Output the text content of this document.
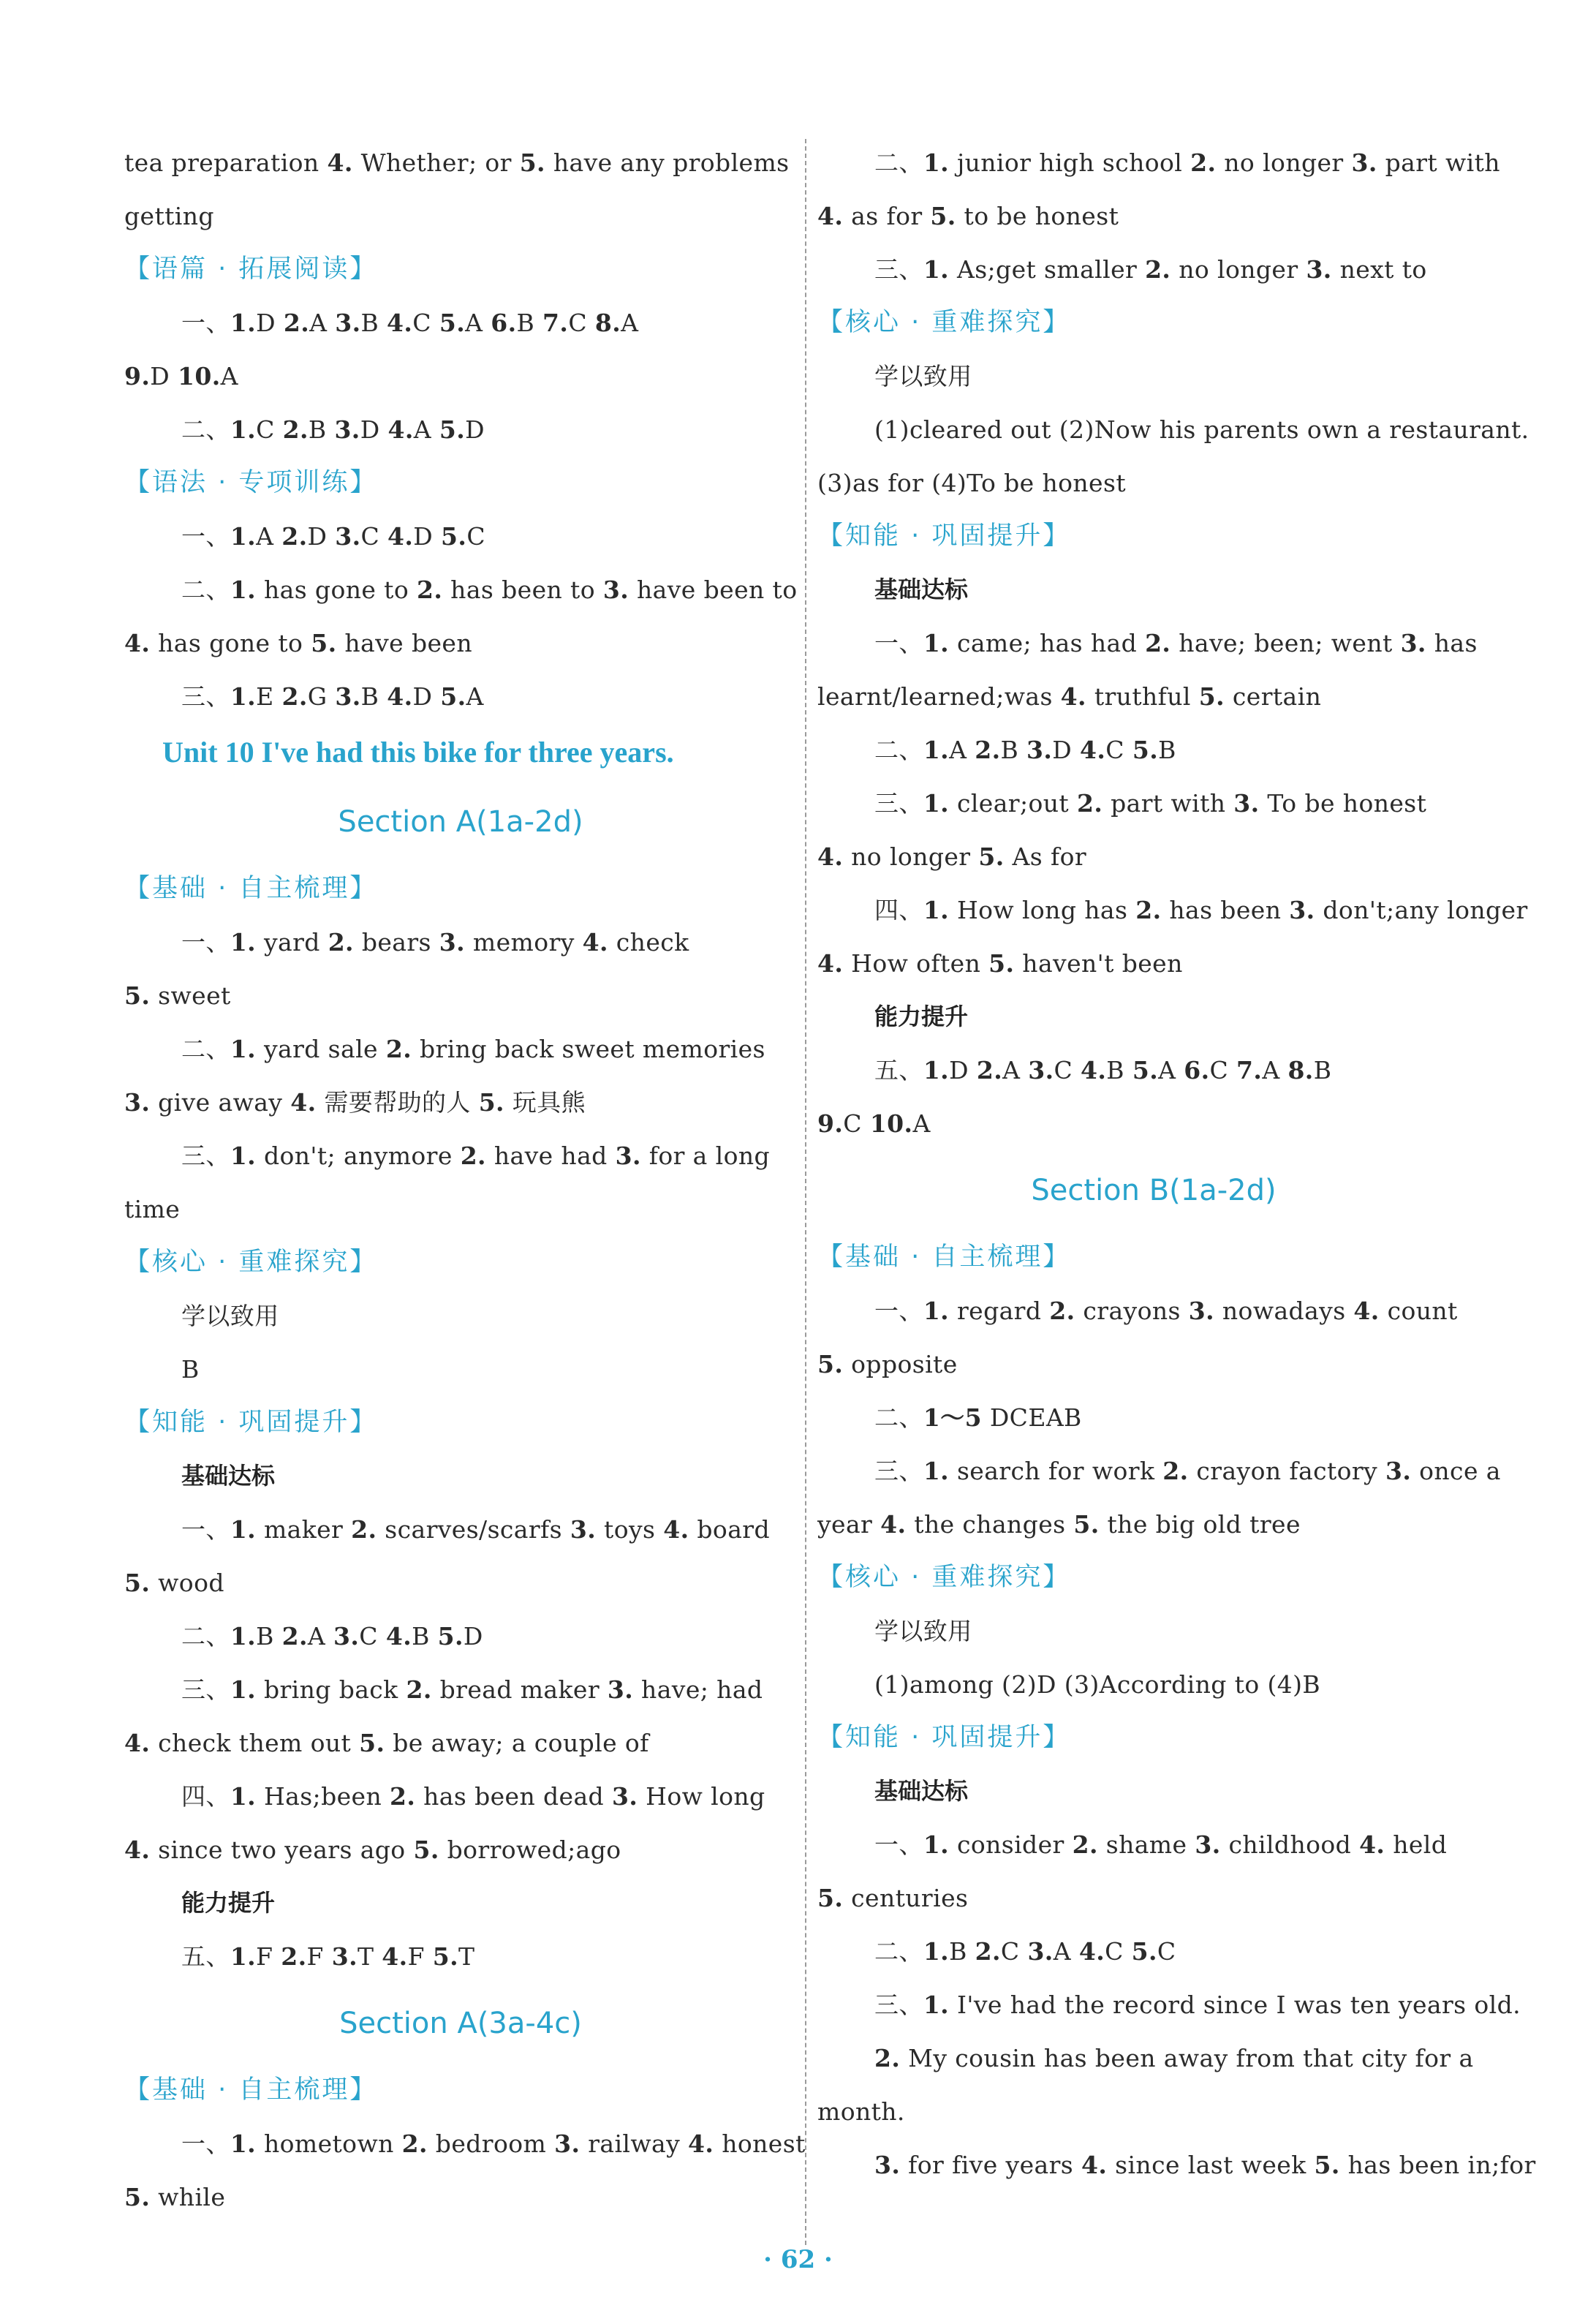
tea preparation 4. Whether; or 5. have any problems
getting
【语篇 · 拓展阅读】
一、1.D 2.A 3.B 4.C 5.A 6.B 7.C 8.A
9.D 10.A
二、1.C 2.B 3.D 4.A 5.D
【语法 · 专项训练】
一、1.A 2.D 3.C 4.D 5.C
二、1. has gone to 2. has been to 3. have been to
4. has gone to 5. have been
三、1.E 2.G 3.B 4.D 5.A
Unit 10 I've had this bike for three years.
Section A(1a-2d)
【基础 · 自主梳理】
一、1. yard 2. bears 3. memory 4. check
5. sweet
二、1. yard sale 2. bring back sweet memories
3. give away 4. 需要帮助的人 5. 玩具熊
三、1. don't; anymore 2. have had 3. for a long
time
【核心 · 重难探究】
学以致用
B
【知能 · 巩固提升】
基础达标
一、1. maker 2. scarves/scarfs 3. toys 4. board
5. wood
二、1.B 2.A 3.C 4.B 5.D
三、1. bring back 2. bread maker 3. have; had
4. check them out 5. be away; a couple of
四、1. Has;been 2. has been dead 3. How long
4. since two years ago 5. borrowed;ago
能力提升
五、1.F 2.F 3.T 4.F 5.T
Section A(3a-4c)
【基础 · 自主梳理】
一、1. hometown 2. bedroom 3. railway 4. honest
5. while
二、1. junior high school 2. no longer 3. part with
4. as for 5. to be honest
三、1. As;get smaller 2. no longer 3. next to
【核心 · 重难探究】
学以致用
(1)cleared out (2)Now his parents own a restaurant.
(3)as for (4)To be honest
【知能 · 巩固提升】
基础达标
一、1. came; has had 2. have; been; went 3. has
learnt/learned;was 4. truthful 5. certain
二、1.A 2.B 3.D 4.C 5.B
三、1. clear;out 2. part with 3. To be honest
4. no longer 5. As for
四、1. How long has 2. has been 3. don't;any longer
4. How often 5. haven't been
能力提升
五、1.D 2.A 3.C 4.B 5.A 6.C 7.A 8.B
9.C 10.A
Section B(1a-2d)
【基础 · 自主梳理】
一、1. regard 2. crayons 3. nowadays 4. count
5. opposite
二、1～5 DCEAB
三、1. search for work 2. crayon factory 3. once a
year 4. the changes 5. the big old tree
【核心 · 重难探究】
学以致用
(1)among (2)D (3)According to (4)B
【知能 · 巩固提升】
基础达标
一、1. consider 2. shame 3. childhood 4. held
5. centuries
二、1.B 2.C 3.A 4.C 5.C
三、1. I've had the record since I was ten years old.
2. My cousin has been away from that city for a
month.
3. for five years 4. since last week 5. has been in;for
· 62 ·
